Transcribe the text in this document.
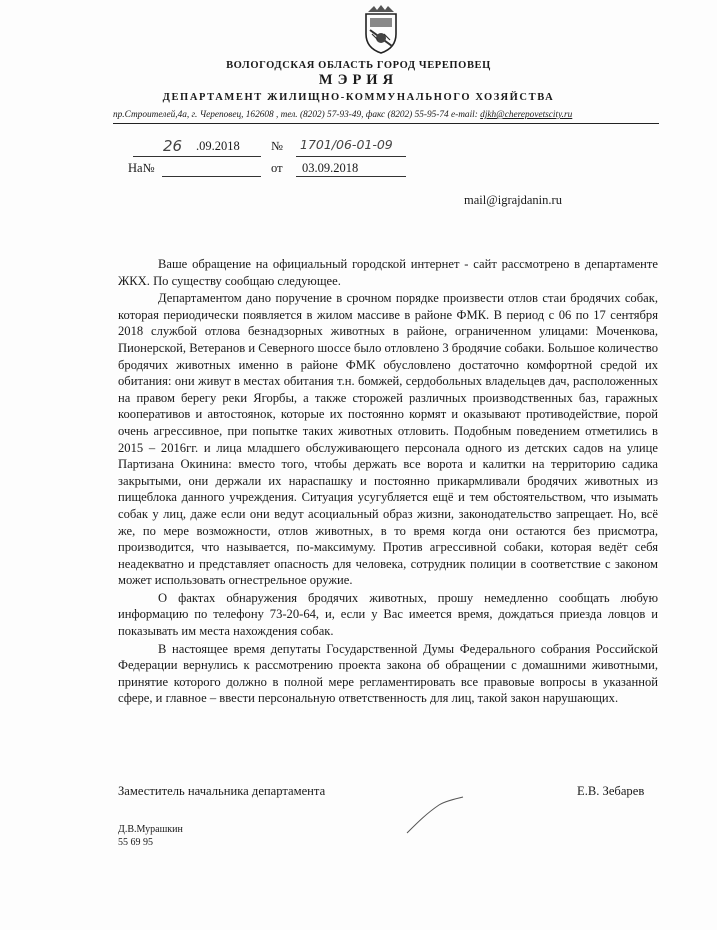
ВОЛОГОДСКАЯ ОБЛАСТЬ ГОРОД ЧЕРЕПОВЕЦ
МЭРИЯ
ДЕПАРТАМЕНТ ЖИЛИЩНО-КОММУНАЛЬНОГО ХОЗЯЙСТВА
пр.Строителей,4а, г. Череповец, 162608 , тел. (8202) 57-93-49, факс (8202) 55-95-74 e-mail: djkh@cherepovetscity.ru
26 .09.2018	№ 1701/06-01-09
На№	от 03.09.2018
mail@igrajdanin.ru

Ваше обращение на официальный городской интернет - сайт рассмотрено в департаменте ЖКХ. По существу сообщаю следующее.

Департаментом дано поручение в срочном порядке произвести отлов стаи бродячих собак, которая периодически появляется в жилом массиве в районе ФМК. В период с 06 по 17 сентября 2018 службой отлова безнадзорных животных в районе, ограниченном улицами: Моченкова, Пионерской, Ветеранов и Северного шоссе было отловлено 3 бродячие собаки. Большое количество бродячих животных именно в районе ФМК обусловлено достаточно комфортной средой их обитания: они живут в местах обитания т.н. бомжей, сердобольных владельцев дач, расположенных на правом берегу реки Ягорбы, а также сторожей различных производственных баз, гаражных кооперативов и автостоянок, которые их постоянно кормят и оказывают противодействие, порой очень агрессивное, при попытке таких животных отловить. Подобным поведением отметились в 2015 – 2016гг. и лица младшего обслуживающего персонала одного из детских садов на улице Партизана Окинина: вместо того, чтобы держать все ворота и калитки на территорию садика закрытыми, они держали их нараспашку и постоянно прикармливали бродячих животных из пищеблока данного учреждения. Ситуация усугубляется ещё и тем обстоятельством, что изымать собак у лиц, даже если они ведут асоциальный образ жизни, законодательство запрещает. Но, всё же, по мере возможности, отлов животных, в то время когда они остаются без присмотра, производится, что называется, по-максимуму. Против агрессивной собаки, которая ведёт себя неадекватно и представляет опасность для человека, сотрудник полиции в соответствие с законом может использовать огнестрельное оружие.

О фактах обнаружения бродячих животных, прошу немедленно сообщать любую информацию по телефону 73-20-64, и, если у Вас имеется время, дождаться приезда ловцов и показывать им места нахождения собак.

В настоящее время депутаты Государственной Думы Федерального собрания Российской Федерации вернулись к рассмотрению проекта закона об обращении с домашними животными, принятие которого должно в полной мере регламентировать все правовые вопросы в указанной сфере, и главное – ввести персональную ответственность для лиц, такой закон нарушающих.

Заместитель начальника департамента	Е.В. Зебарев
Д.В.Мурашкин
55 69 95
